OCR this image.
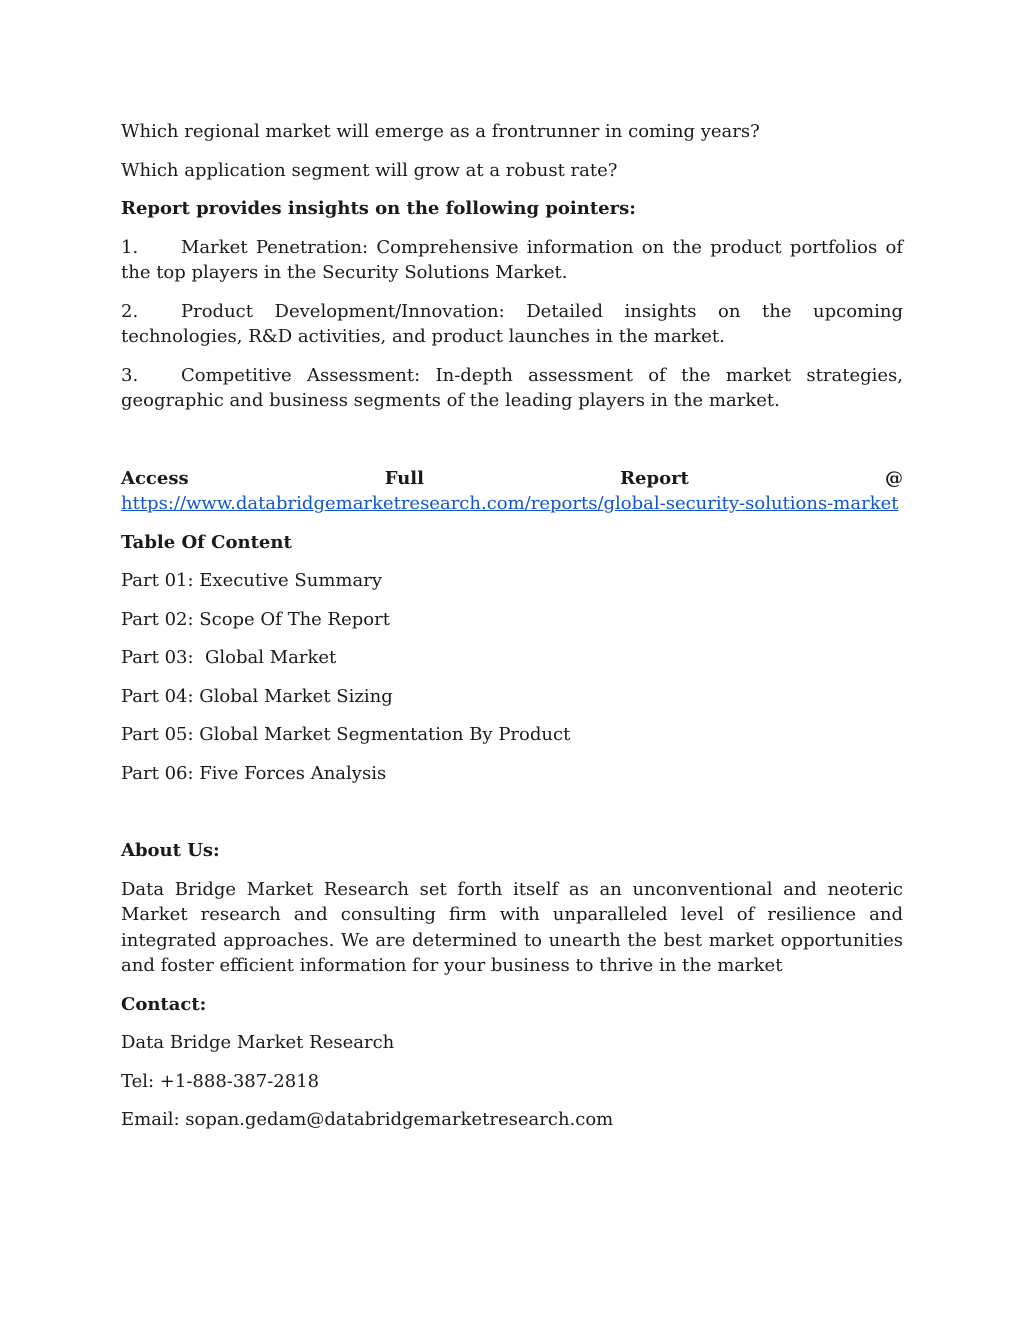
Which regional market will emerge as a frontrunner in coming years?

Which application segment will grow at a robust rate?

Report provides insights on the following pointers:

1. Market Penetration: Comprehensive information on the product portfolios of the top players in the Security Solutions Market.
2. Product Development/Innovation: Detailed insights on the upcoming technologies, R&D activities, and product launches in the market.
3. Competitive Assessment: In-depth assessment of the market strategies, geographic and business segments of the leading players in the market.
Access Full Report @ https://www.databridgemarketresearch.com/reports/global-security-solutions-market

Table Of Content

Part 01: Executive Summary

Part 02: Scope Of The Report

Part 03:  Global Market

Part 04: Global Market Sizing

Part 05: Global Market Segmentation By Product

Part 06: Five Forces Analysis

About Us:

Data Bridge Market Research set forth itself as an unconventional and neoteric Market research and consulting firm with unparalleled level of resilience and integrated approaches. We are determined to unearth the best market opportunities and foster efficient information for your business to thrive in the market

Contact:

Data Bridge Market Research

Tel: +1-888-387-2818

Email: sopan.gedam@databridgemarketresearch.com
